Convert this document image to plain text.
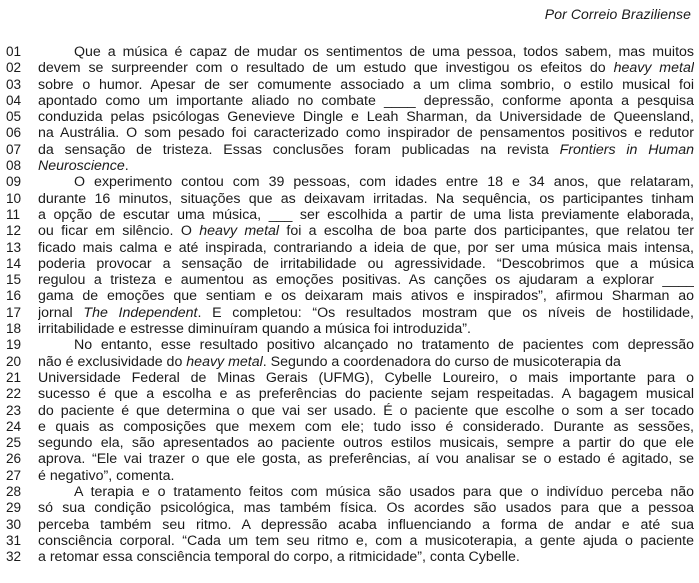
Por Correio Braziliense
01	Que a música é capaz de mudar os sentimentos de uma pessoa, todos sabem, mas muitos
02	devem se surpreender com o resultado de um estudo que investigou os efeitos do heavy metal
03	sobre o humor. Apesar de ser comumente associado a um clima sombrio, o estilo musical foi
04	apontado como um importante aliado no combate ____ depressão, conforme aponta a pesquisa
05	conduzida pelas psicólogas Genevieve Dingle e Leah Sharman, da Universidade de Queensland,
06	na Austrália. O som pesado foi caracterizado como inspirador de pensamentos positivos e redutor
07	da sensação de tristeza. Essas conclusões foram publicadas na revista Frontiers in Human
08	Neuroscience.
09	O experimento contou com 39 pessoas, com idades entre 18 e 34 anos, que relataram,
10	durante 16 minutos, situações que as deixavam irritadas. Na sequência, os participantes tinham
11	a opção de escutar uma música, ___ ser escolhida a partir de uma lista previamente elaborada,
12	ou ficar em silêncio. O heavy metal foi a escolha de boa parte dos participantes, que relatou ter
13	ficado mais calma e até inspirada, contrariando a ideia de que, por ser uma música mais intensa,
14	poderia provocar a sensação de irritabilidade ou agressividade. “Descobrimos que a música
15	regulou a tristeza e aumentou as emoções positivas. As canções os ajudaram a explorar ____
16	gama de emoções que sentiam e os deixaram mais ativos e inspirados”, afirmou Sharman ao
17	jornal The Independent. E completou: “Os resultados mostram que os níveis de hostilidade,
18	irritabilidade e estresse diminuíram quando a música foi introduzida”.
19	No entanto, esse resultado positivo alcançado no tratamento de pacientes com depressão
20	não é exclusividade do heavy metal. Segundo a coordenadora do curso de musicoterapia da
21	Universidade Federal de Minas Gerais (UFMG), Cybelle Loureiro, o mais importante para o
22	sucesso é que a escolha e as preferências do paciente sejam respeitadas. A bagagem musical
23	do paciente é que determina o que vai ser usado. É o paciente que escolhe o som a ser tocado
24	e quais as composições que mexem com ele; tudo isso é considerado. Durante as sessões,
25	segundo ela, são apresentados ao paciente outros estilos musicais, sempre a partir do que ele
26	aprova. “Ele vai trazer o que ele gosta, as preferências, aí vou analisar se o estado é agitado, se
27	é negativo”, comenta.
28	A terapia e o tratamento feitos com música são usados para que o indivíduo perceba não
29	só sua condição psicológica, mas também física. Os acordes são usados para que a pessoa
30	perceba também seu ritmo. A depressão acaba influenciando a forma de andar e até sua
31	consciência corporal. “Cada um tem seu ritmo e, com a musicoterapia, a gente ajuda o paciente
32	a retomar essa consciência temporal do corpo, a ritmicidade”, conta Cybelle.
